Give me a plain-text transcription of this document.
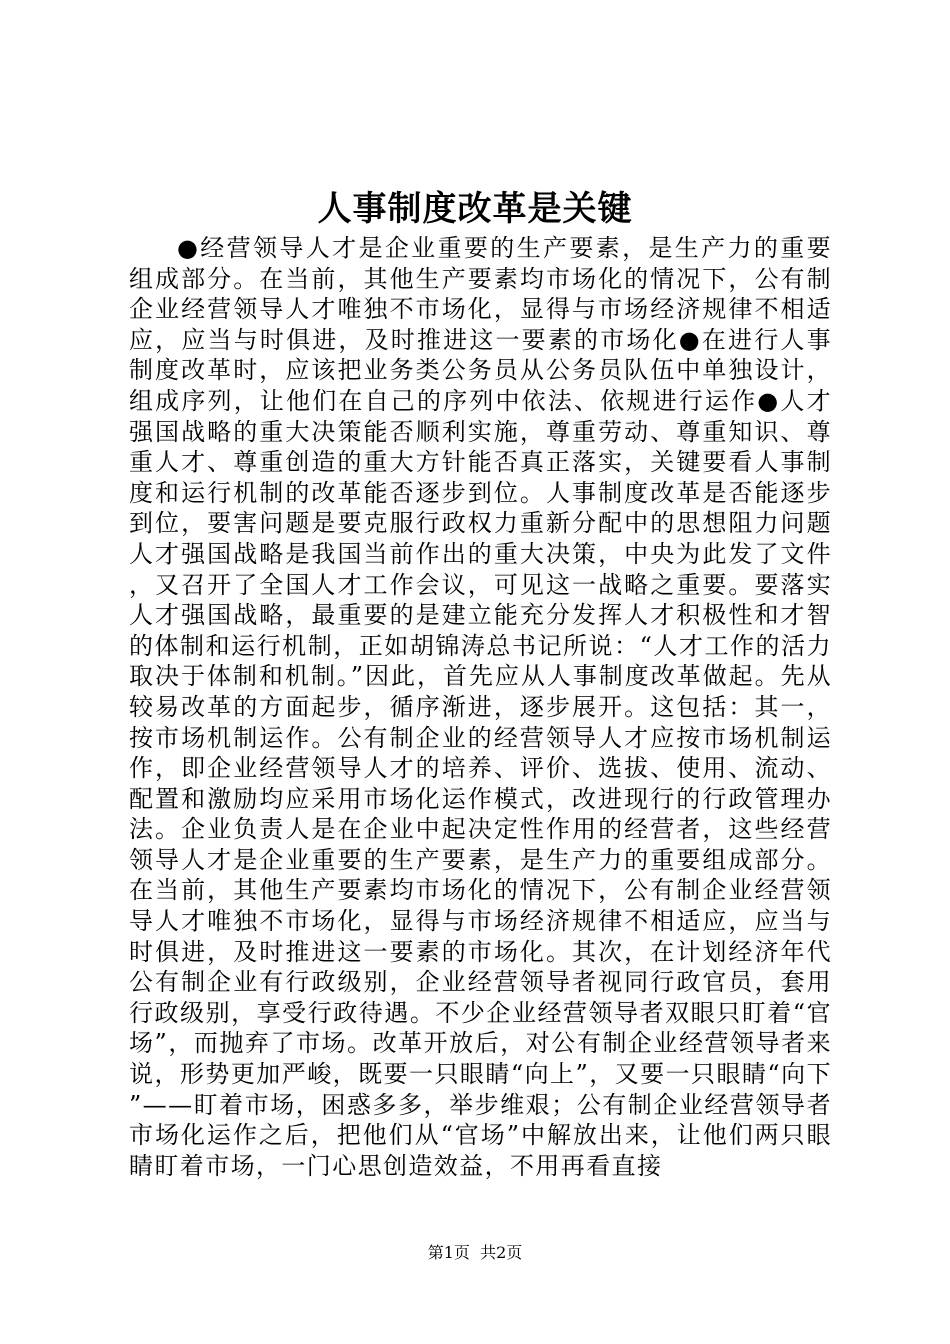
人事制度改革是关键

●经营领导人才是企业重要的生产要素，是生产力的重要组成部分。在当前，其他生产要素均市场化的情况下，公有制企业经营领导人才唯独不市场化，显得与市场经济规律不相适应，应当与时俱进，及时推进这一要素的市场化●在进行人事制度改革时，应该把业务类公务员从公务员队伍中单独设计，组成序列，让他们在自己的序列中依法、依规进行运作●人才强国战略的重大决策能否顺利实施，尊重劳动、尊重知识、尊重人才、尊重创造的重大方针能否真正落实，关键要看人事制度和运行机制的改革能否逐步到位。人事制度改革是否能逐步到位，要害问题是要克服行政权力重新分配中的思想阻力问题人才强国战略是我国当前作出的重大决策，中央为此发了文件，又召开了全国人才工作会议，可见这一战略之重要。要落实人才强国战略，最重要的是建立能充分发挥人才积极性和才智的体制和运行机制，正如胡锦涛总书记所说：“人才工作的活力取决于体制和机制。”因此，首先应从人事制度改革做起。先从较易改革的方面起步，循序渐进，逐步展开。这包括：其一，按市场机制运作。公有制企业的经营领导人才应按市场机制运作，即企业经营领导人才的培养、评价、选拔、使用、流动、配置和激励均应采用市场化运作模式，改进现行的行政管理办法。企业负责人是在企业中起决定性作用的经营者，这些经营领导人才是企业重要的生产要素，是生产力的重要组成部分。在当前，其他生产要素均市场化的情况下，公有制企业经营领导人才唯独不市场化，显得与市场经济规律不相适应，应当与时俱进，及时推进这一要素的市场化。其次，在计划经济年代公有制企业有行政级别，企业经营领导者视同行政官员，套用行政级别，享受行政待遇。不少企业经营领导者双眼只盯着“官场”，而抛弃了市场。改革开放后，对公有制企业经营领导者来说，形势更加严峻，既要一只眼睛“向上”，又要一只眼睛“向下”——盯着市场，困惑多多，举步维艰；公有制企业经营领导者市场化运作之后，把他们从“官场”中解放出来，让他们两只眼睛盯着市场，一门心思创造效益，不用再看直接

第1页  共2页
